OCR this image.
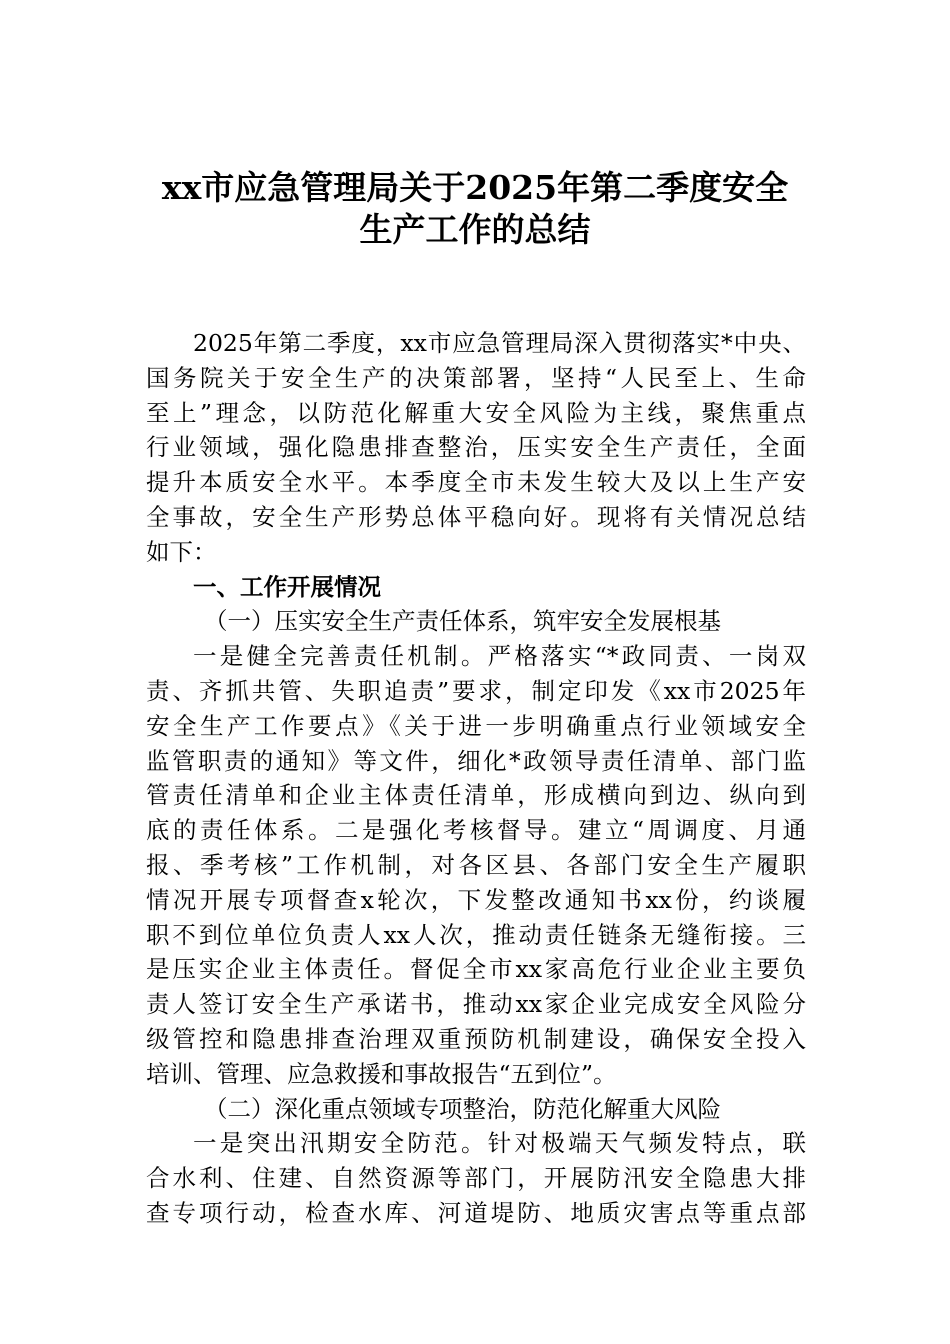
xx市应急管理局关于2025年第二季度安全
生产工作的总结
2025年第二季度，xx市应急管理局深入贯彻落实*中央、
国务院关于安全生产的决策部署，坚持“人民至上、生命
至上”理念，以防范化解重大安全风险为主线，聚焦重点
行业领域，强化隐患排查整治，压实安全生产责任，全面
提升本质安全水平。本季度全市未发生较大及以上生产安
全事故，安全生产形势总体平稳向好。现将有关情况总结
如下：
一、工作开展情况
（一）压实安全生产责任体系，筑牢安全发展根基
一是健全完善责任机制。严格落实“*政同责、一岗双
责、齐抓共管、失职追责”要求，制定印发《xx市2025年
安全生产工作要点》《关于进一步明确重点行业领域安全
监管职责的通知》等文件，细化*政领导责任清单、部门监
管责任清单和企业主体责任清单，形成横向到边、纵向到
底的责任体系。二是强化考核督导。建立“周调度、月通
报、季考核”工作机制，对各区县、各部门安全生产履职
情况开展专项督查x轮次，下发整改通知书xx份，约谈履
职不到位单位负责人xx人次，推动责任链条无缝衔接。三
是压实企业主体责任。督促全市xx家高危行业企业主要负
责人签订安全生产承诺书，推动xx家企业完成安全风险分
级管控和隐患排查治理双重预防机制建设，确保安全投入
培训、管理、应急救援和事故报告“五到位”。
（二）深化重点领域专项整治，防范化解重大风险
一是突出汛期安全防范。针对极端天气频发特点，联
合水利、住建、自然资源等部门，开展防汛安全隐患大排
查专项行动，检查水库、河道堤防、地质灾害点等重点部
